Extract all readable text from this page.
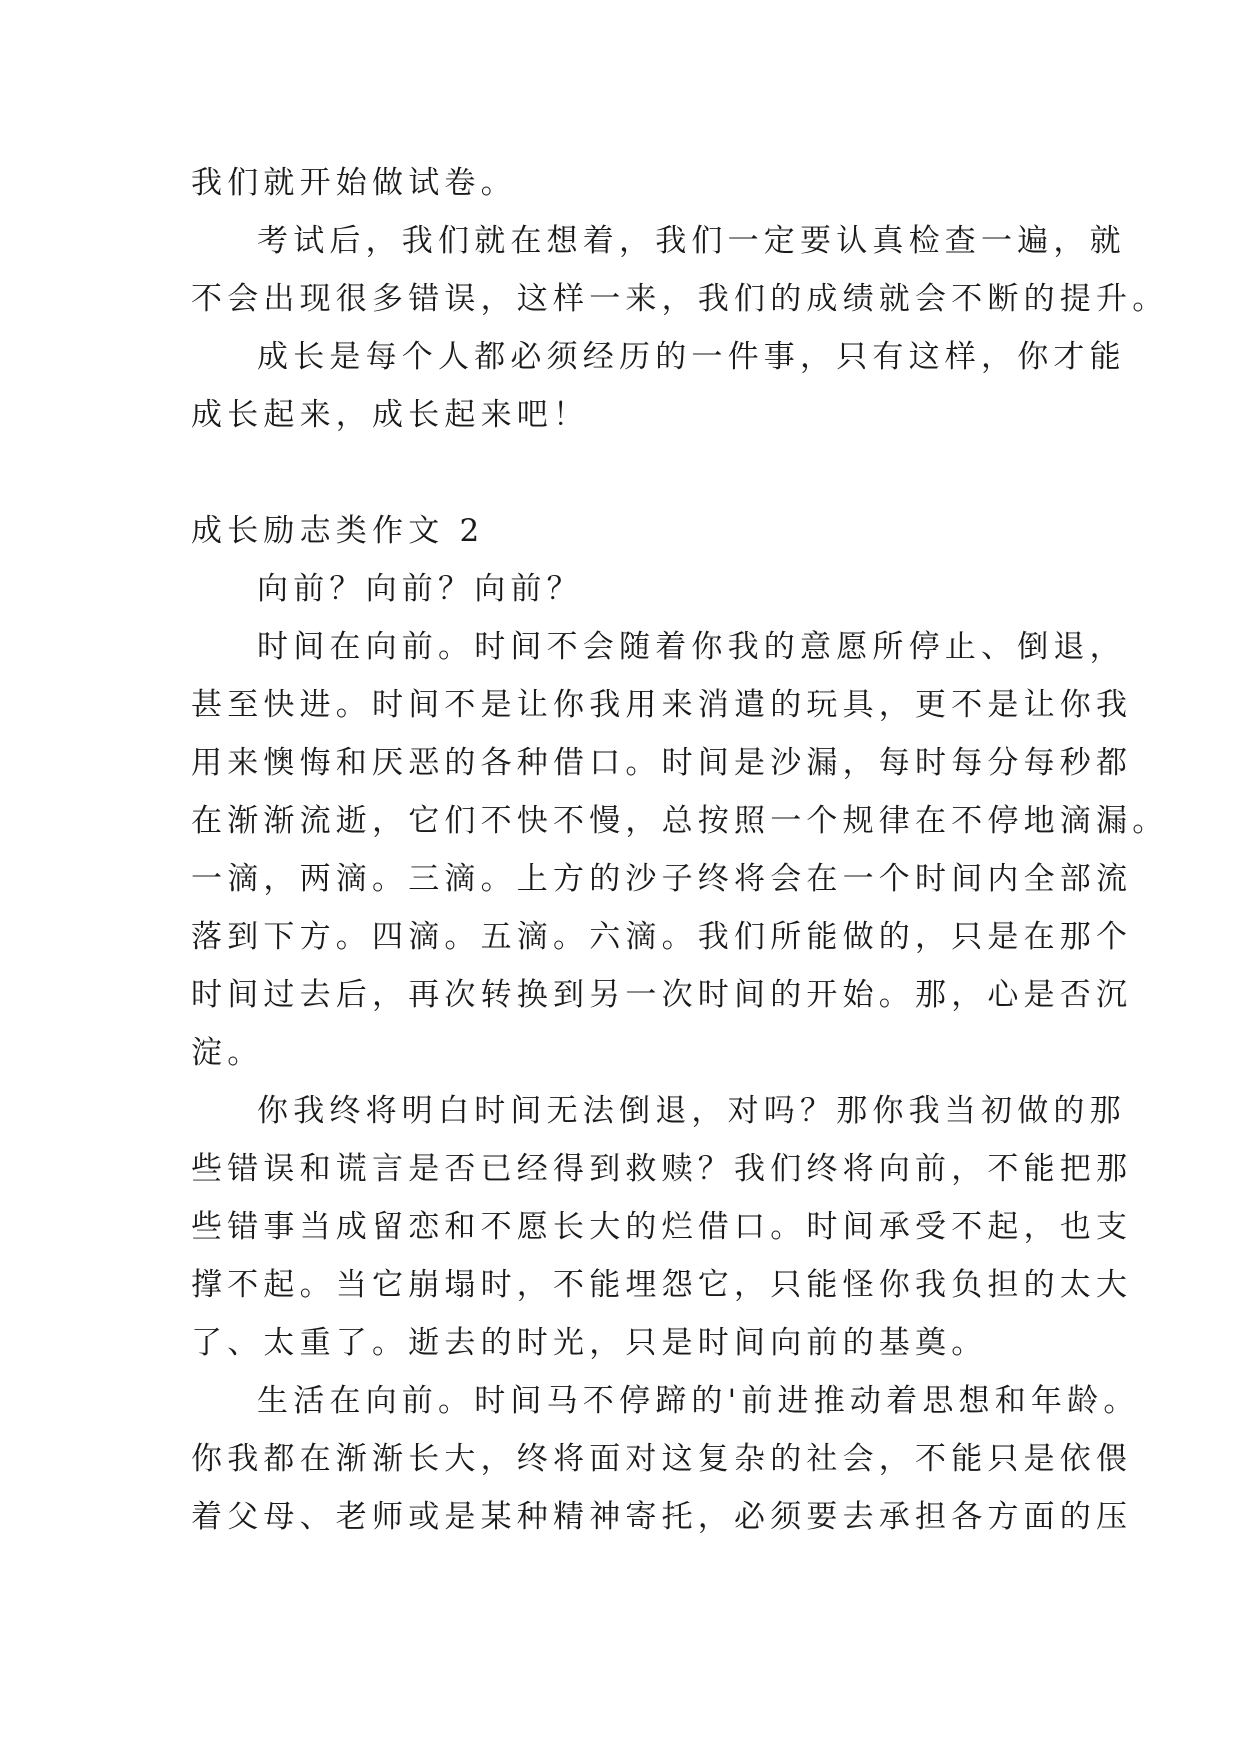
我们就开始做试卷。
考试后，我们就在想着，我们一定要认真检查一遍，就
不会出现很多错误，这样一来，我们的成绩就会不断的提升。
成长是每个人都必须经历的一件事，只有这样，你才能
成长起来，成长起来吧！
成长励志类作文 2
向前？向前？向前？
时间在向前。时间不会随着你我的意愿所停止、倒退，
甚至快进。时间不是让你我用来消遣的玩具，更不是让你我
用来懊悔和厌恶的各种借口。时间是沙漏，每时每分每秒都
在渐渐流逝，它们不快不慢，总按照一个规律在不停地滴漏。
一滴，两滴。三滴。上方的沙子终将会在一个时间内全部流
落到下方。四滴。五滴。六滴。我们所能做的，只是在那个
时间过去后，再次转换到另一次时间的开始。那，心是否沉
淀。
你我终将明白时间无法倒退，对吗？那你我当初做的那
些错误和谎言是否已经得到救赎？我们终将向前，不能把那
些错事当成留恋和不愿长大的烂借口。时间承受不起，也支
撑不起。当它崩塌时，不能埋怨它，只能怪你我负担的太大
了、太重了。逝去的时光，只是时间向前的基奠。
生活在向前。时间马不停蹄的'前进推动着思想和年龄。
你我都在渐渐长大，终将面对这复杂的社会，不能只是依偎
着父母、老师或是某种精神寄托，必须要去承担各方面的压
